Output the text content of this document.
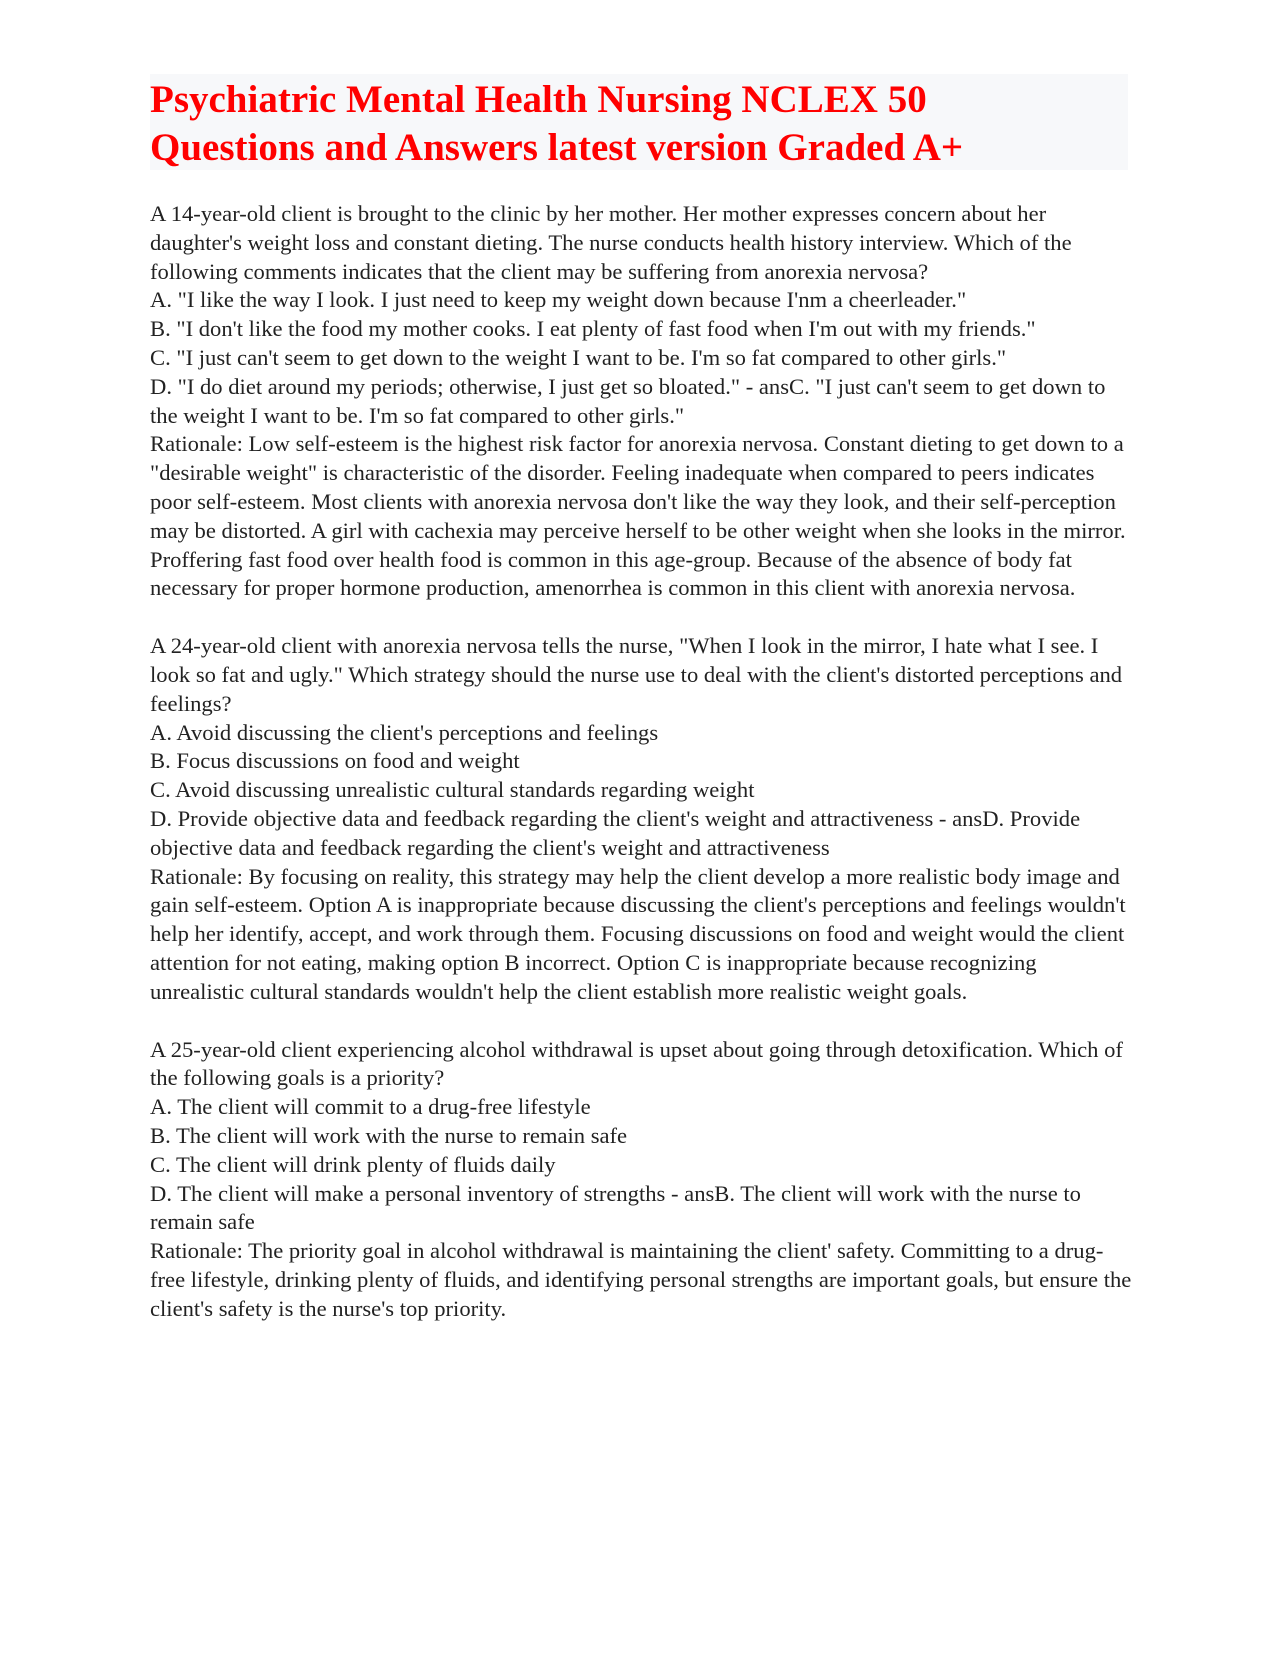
Psychiatric Mental Health Nursing NCLEX 50
Questions and Answers latest version Graded A+
A 14-year-old client is brought to the clinic by her mother. Her mother expresses concern about her daughter's weight loss and constant dieting. The nurse conducts health history interview. Which of the following comments indicates that the client may be suffering from anorexia nervosa?
A. "I like the way I look. I just need to keep my weight down because I'nm a cheerleader."
B. "I don't like the food my mother cooks. I eat plenty of fast food when I'm out with my friends."
C. "I just can't seem to get down to the weight I want to be. I'm so fat compared to other girls."
D. "I do diet around my periods; otherwise, I just get so bloated." - ansC. "I just can't seem to get down to the weight I want to be. I'm so fat compared to other girls."
Rationale: Low self-esteem is the highest risk factor for anorexia nervosa. Constant dieting to get down to a "desirable weight" is characteristic of the disorder. Feeling inadequate when compared to peers indicates poor self-esteem. Most clients with anorexia nervosa don't like the way they look, and their self-perception may be distorted. A girl with cachexia may perceive herself to be other weight when she looks in the mirror. Proffering fast food over health food is common in this age-group. Because of the absence of body fat necessary for proper hormone production, amenorrhea is common in this client with anorexia nervosa.
A 24-year-old client with anorexia nervosa tells the nurse, "When I look in the mirror, I hate what I see. I look so fat and ugly." Which strategy should the nurse use to deal with the client's distorted perceptions and feelings?
A. Avoid discussing the client's perceptions and feelings
B. Focus discussions on food and weight
C. Avoid discussing unrealistic cultural standards regarding weight
D. Provide objective data and feedback regarding the client's weight and attractiveness - ansD. Provide objective data and feedback regarding the client's weight and attractiveness
Rationale: By focusing on reality, this strategy may help the client develop a more realistic body image and gain self-esteem. Option A is inappropriate because discussing the client's perceptions and feelings wouldn't help her identify, accept, and work through them. Focusing discussions on food and weight would the client attention for not eating, making option B incorrect. Option C is inappropriate because recognizing unrealistic cultural standards wouldn't help the client establish more realistic weight goals.
A 25-year-old client experiencing alcohol withdrawal is upset about going through detoxification. Which of the following goals is a priority?
A. The client will commit to a drug-free lifestyle
B. The client will work with the nurse to remain safe
C. The client will drink plenty of fluids daily
D. The client will make a personal inventory of strengths - ansB. The client will work with the nurse to remain safe
Rationale: The priority goal in alcohol withdrawal is maintaining the client' safety. Committing to a drug-free lifestyle, drinking plenty of fluids, and identifying personal strengths are important goals, but ensure the client's safety is the nurse's top priority.
